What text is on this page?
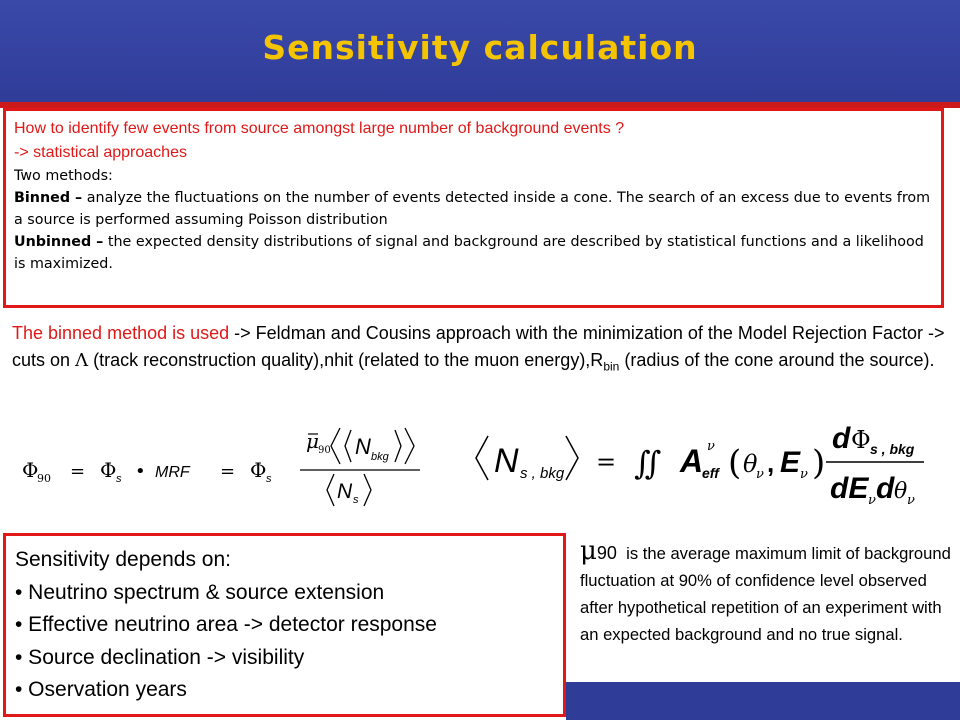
Sensitivity calculation
How to identify few events from source amongst large number of background events ?
-> statistical approaches
Two methods:
Binned – analyze the fluctuations on the number of events detected inside a cone. The search of an excess due to events from a source is performed assuming Poisson distribution
Unbinned – the expected density distributions of signal and background are described by statistical functions and a likelihood is maximized.
The binned method is used -> Feldman and Cousins approach with the minimization of the Model Rejection Factor -> cuts on Λ (track reconstruction quality),nhit (related to the muon $energy),R_{bin}$ (radius of the cone around the source).
Φ
90 = Φ s • MRF = Φ s
μ 90 N bkg
N s
N s , bkg = ∬ A
eff
ν ( θ
ν , E ν )
d Φ s , bkg
dE ν d θ ν
Sensitivity depends on:
• Neutrino spectrum & source extension
• Effective neutrino area -> detector response
• Source declination -> visibility
• Oservation years
μ90 is the average maximum limit of background fluctuation at 90% of confidence level observed after hypothetical repetition of an experiment with an expected background and no true signal.
